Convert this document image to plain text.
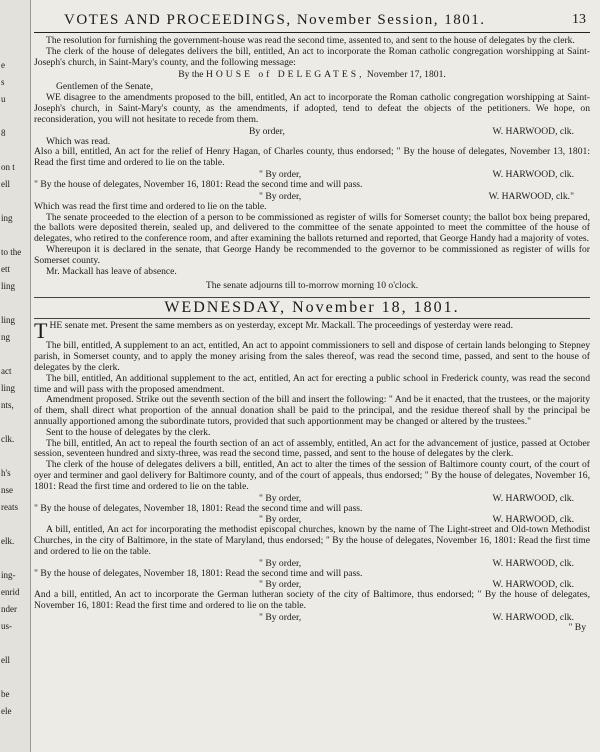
e
s
u
8
on t
ell
ing
to the
ett
ling
ling
ng
act
ling
nts,
clk.
h's
nse
reats
elk.
ing-
enrid
nder
us-
ell
be
ele
VOTES AND PROCEEDINGS, November Session, 1801.	13

The resolution for furnishing the government-house was read the second time, assented to, and sent to the house of delegates by the clerk.

The clerk of the house of delegates delivers the bill, entitled, An act to incorporate the Roman catholic congregation worshipping at Saint-Joseph's church, in Saint-Mary's county, and the following message:

By the HOUSE of DELEGATES, November 17, 1801.

Gentlemen of the Senate,

WE disagree to the amendments proposed to the bill, entitled, An act to incorporate the Roman catholic congregation worshipping at Saint-Joseph's church, in Saint-Mary's county, as the amendments, if adopted, tend to defeat the objects of the petitioners. We hope, on reconsideration, you will not hesitate to recede from them.

By order,	W. HARWOOD, clk.

Which was read.

Also a bill, entitled, An act for the relief of Henry Hagan, of Charles county, thus endorsed; " By the house of delegates, November 13, 1801: Read the first time and ordered to lie on the table.

" By order,	W. HARWOOD, clk.

" By the house of delegates, November 16, 1801: Read the second time and will pass.

" By order,	W. HARWOOD, clk."

Which was read the first time and ordered to lie on the table.

The senate proceeded to the election of a person to be commissioned as register of wills for Somerset county; the ballot box being prepared, the ballots were deposited therein, sealed up, and delivered to the committee of the senate appointed to meet the committee of the house of delegates, who retired to the conference room, and after examining the ballots returned and reported, that George Handy had a majority of votes.

Whereupon it is declared in the senate, that George Handy be recommended to the governor to be commissioned as register of wills for Somerset county.

Mr. Mackall has leave of absence.

The senate adjourns till to-morrow morning 10 o'clock.

WEDNESDAY, November 18, 1801.

THE senate met. Present the same members as on yesterday, except Mr. Mackall. The proceedings of yesterday were read.

The bill, entitled, A supplement to an act, entitled, An act to appoint commissioners to sell and dispose of certain lands belonging to Stepney parish, in Somerset county, and to apply the money arising from the sales thereof, was read the second time, passed, and sent to the house of delegates by the clerk.

The bill, entitled, An additional supplement to the act, entitled, An act for erecting a public school in Frederick county, was read the second time and will pass with the proposed amendment.

Amendment proposed. Strike out the seventh section of the bill and insert the following: " And be it enacted, that the trustees, or the majority of them, shall direct what proportion of the annual donation shall be paid to the principal, and the residue thereof shall by the principal be annually apportioned among the subordinate tutors, provided that such apportionment may be changed or altered by the trustees."

Sent to the house of delegates by the clerk.

The bill, entitled, An act to repeal the fourth section of an act of assembly, entitled, An act for the advancement of justice, passed at October session, seventeen hundred and sixty-three, was read the second time, passed, and sent to the house of delegates by the clerk.

The clerk of the house of delegates delivers a bill, entitled, An act to alter the times of the session of Baltimore county court, of the court of oyer and terminer and gaol delivery for Baltimore county, and of the court of appeals, thus endorsed; " By the house of delegates, November 16, 1801: Read the first time and ordered to lie on the table.

" By order,	W. HARWOOD, clk.

" By the house of delegates, November 18, 1801: Read the second time and will pass.

" By order,	W. HARWOOD, clk.

A bill, entitled, An act for incorporating the methodist episcopal churches, known by the name of The Light-street and Old-town Methodist Churches, in the city of Baltimore, in the state of Maryland, thus endorsed; " By the house of delegates, November 16, 1801: Read the first time and ordered to lie on the table.

" By order,	W. HARWOOD, clk.

" By the house of delegates, November 18, 1801: Read the second time and will pass.

" By order,	W. HARWOOD, clk.

And a bill, entitled, An act to incorporate the German lutheran society of the city of Baltimore, thus endorsed; " By the house of delegates, November 16, 1801: Read the first time and ordered to lie on the table.

" By order,	W. HARWOOD, clk.
" By
